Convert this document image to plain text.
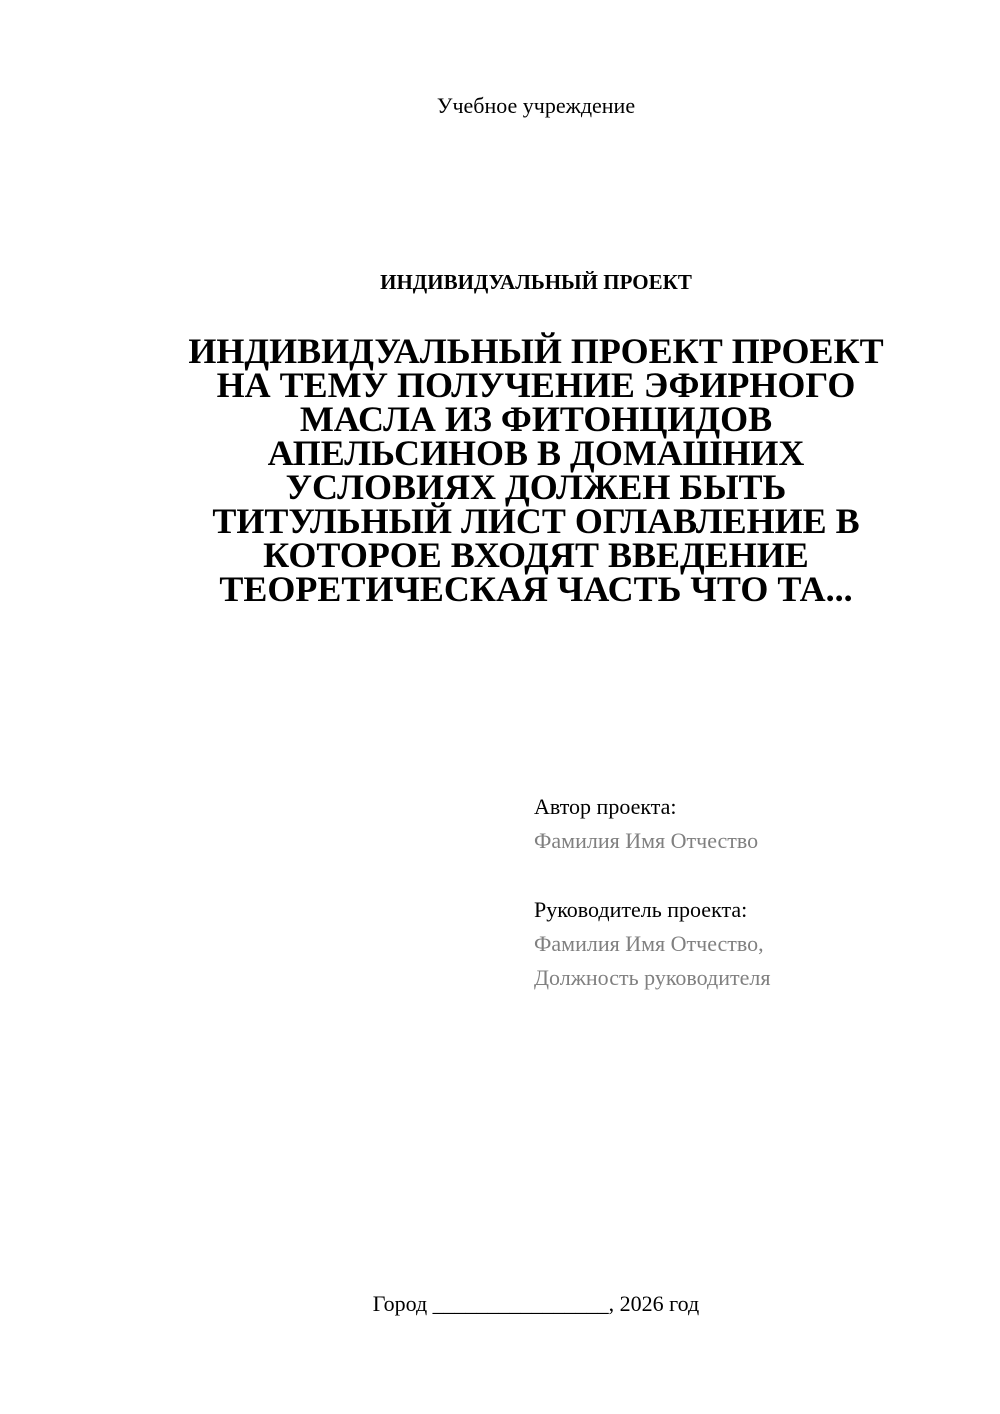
Учебное учреждение
ИНДИВИДУАЛЬНЫЙ ПРОЕКТ
ИНДИВИДУАЛЬНЫЙ ПРОЕКТ ПРОЕКТ
НА ТЕМУ ПОЛУЧЕНИЕ ЭФИРНОГО
МАСЛА ИЗ ФИТОНЦИДОВ
АПЕЛЬСИНОВ В ДОМАШНИХ
УСЛОВИЯХ ДОЛЖЕН БЫТЬ
ТИТУЛЬНЫЙ ЛИСТ ОГЛАВЛЕНИЕ В
КОТОРОЕ ВХОДЯТ ВВЕДЕНИЕ
ТЕОРЕТИЧЕСКАЯ ЧАСТЬ ЧТО ТА...
Автор проекта:
Фамилия Имя Отчество
Руководитель проекта:
Фамилия Имя Отчество,
Должность руководителя
Город ________________, 2026 год
